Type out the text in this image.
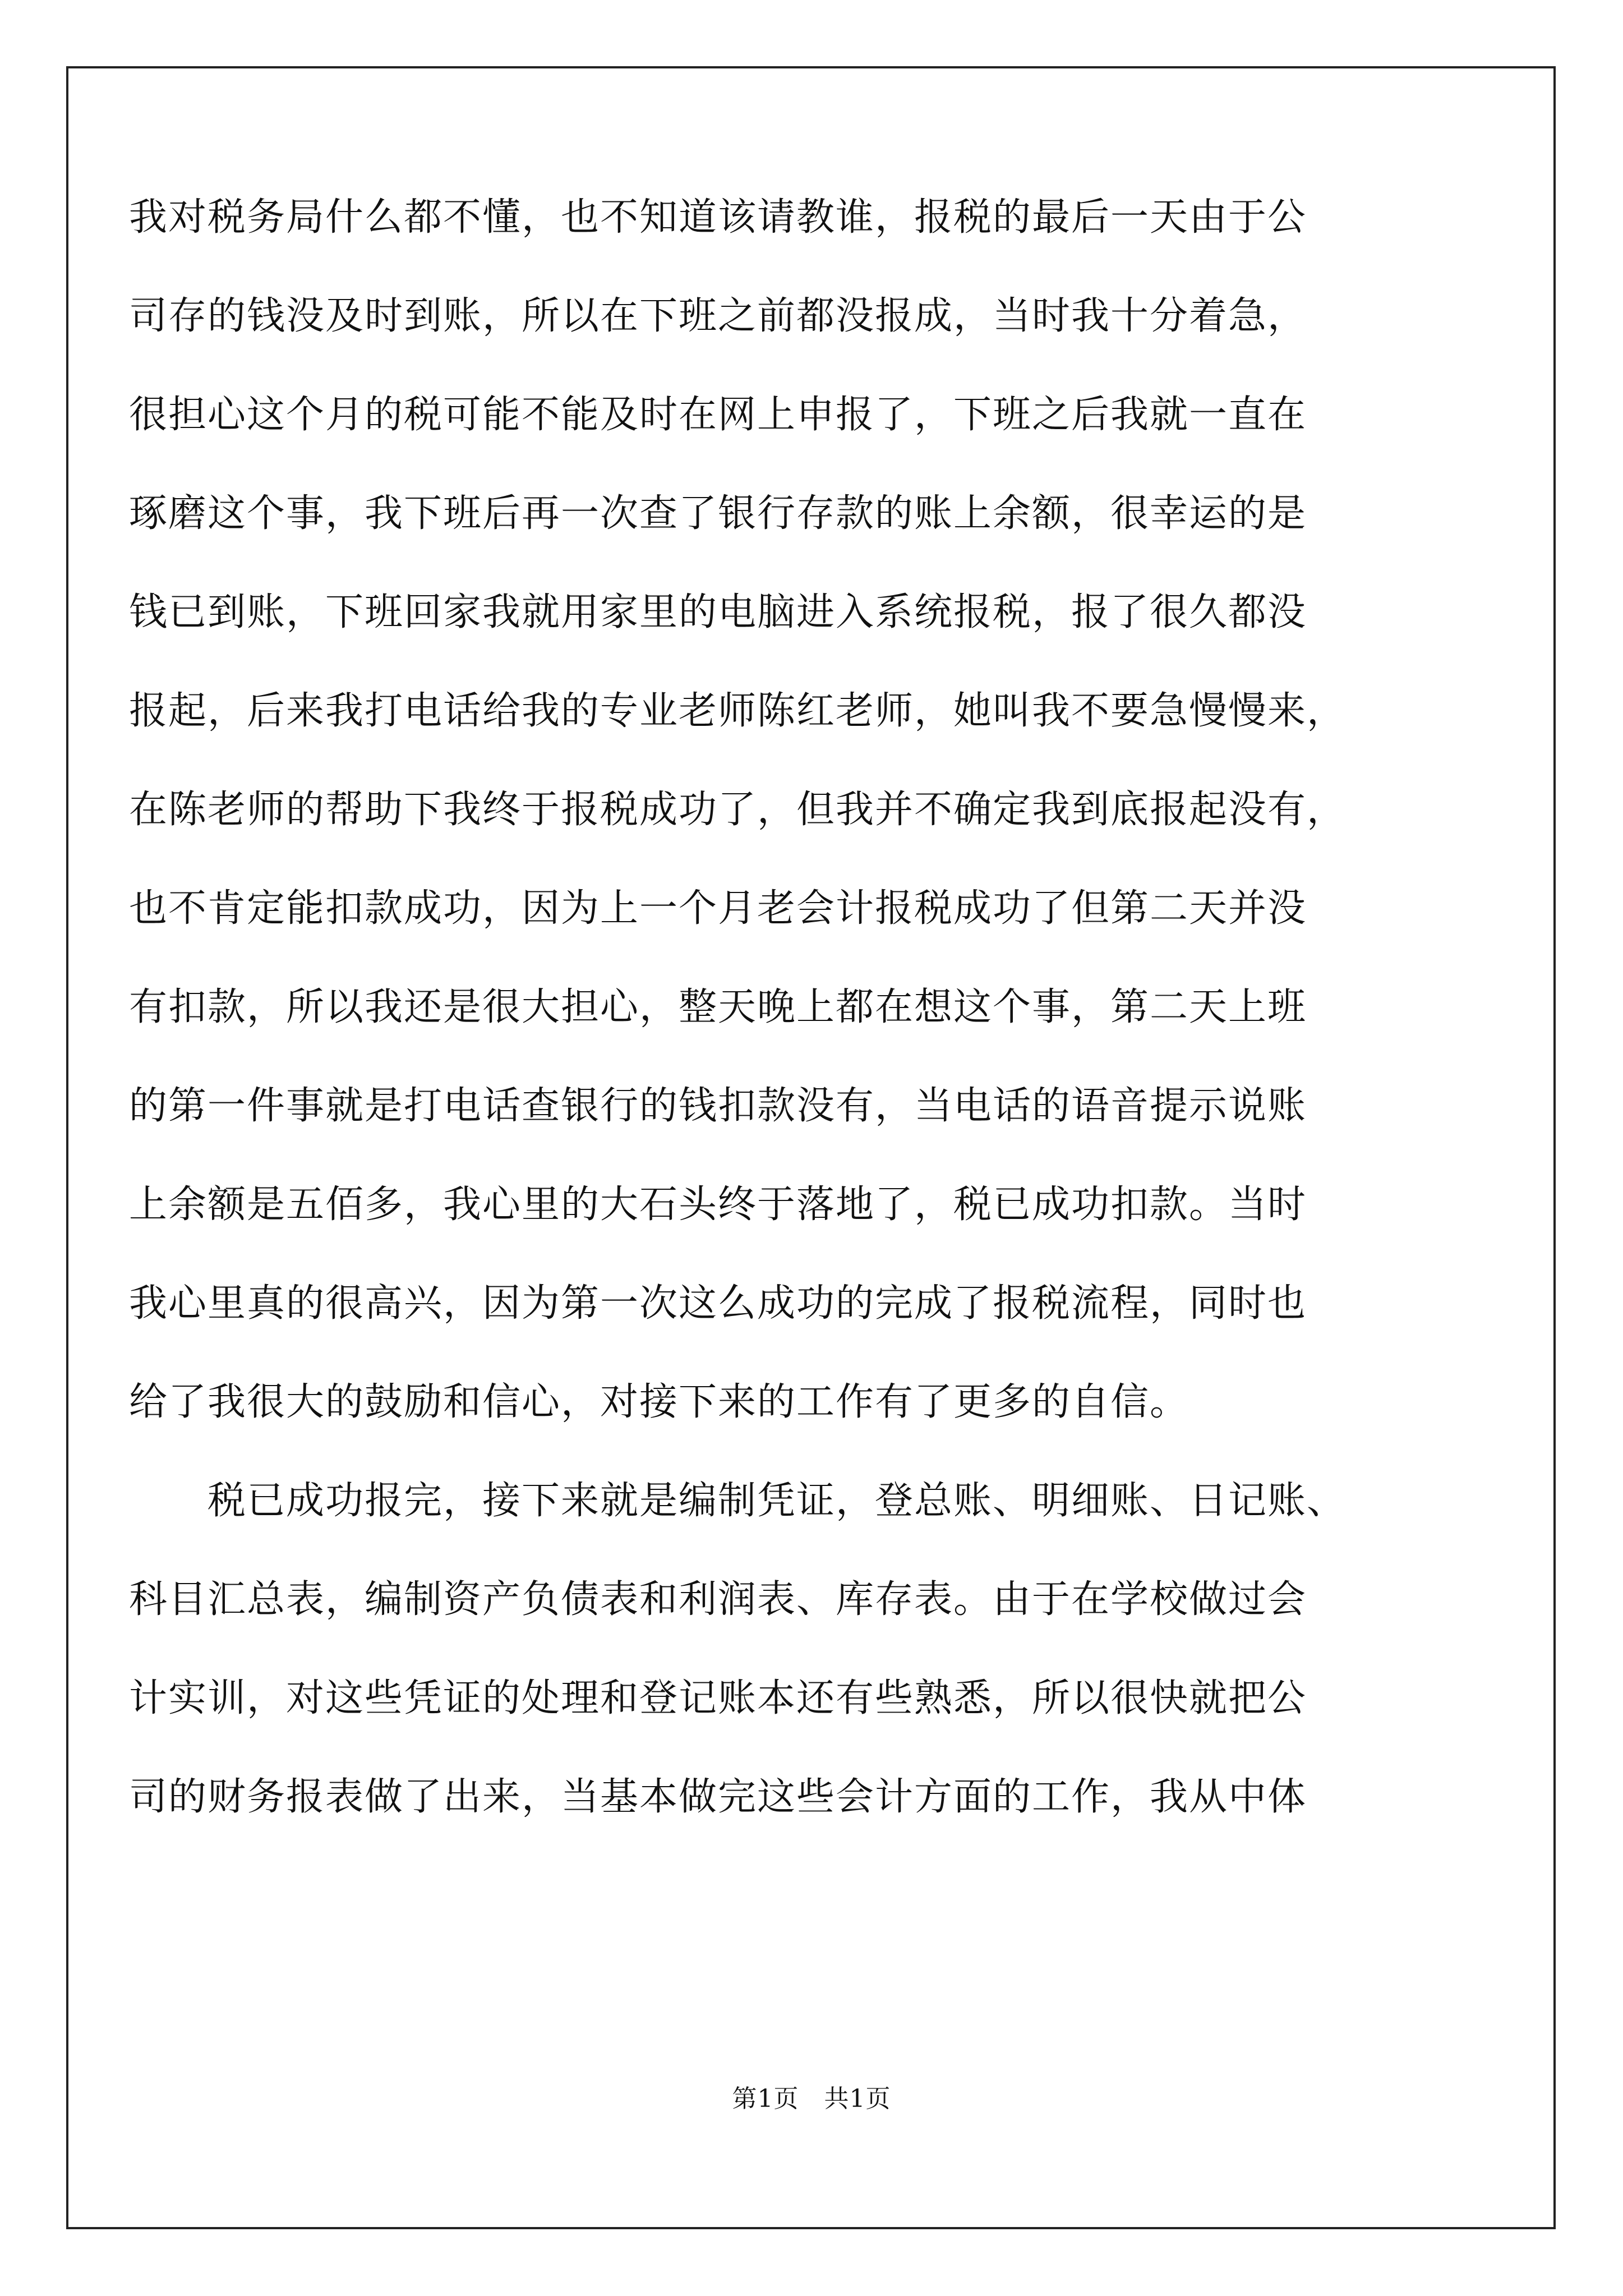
我对税务局什么都不懂，也不知道该请教谁，报税的最后一天由于公
司存的钱没及时到账，所以在下班之前都没报成，当时我十分着急，
很担心这个月的税可能不能及时在网上申报了，下班之后我就一直在
琢磨这个事，我下班后再一次查了银行存款的账上余额，很幸运的是
钱已到账，下班回家我就用家里的电脑进入系统报税，报了很久都没
报起，后来我打电话给我的专业老师陈红老师，她叫我不要急慢慢来，
在陈老师的帮助下我终于报税成功了，但我并不确定我到底报起没有，
也不肯定能扣款成功，因为上一个月老会计报税成功了但第二天并没
有扣款，所以我还是很大担心，整天晚上都在想这个事，第二天上班
的第一件事就是打电话查银行的钱扣款没有，当电话的语音提示说账
上余额是五佰多，我心里的大石头终于落地了，税已成功扣款。当时
我心里真的很高兴，因为第一次这么成功的完成了报税流程，同时也
给了我很大的鼓励和信心，对接下来的工作有了更多的自信。
　　税已成功报完，接下来就是编制凭证，登总账、明细账、日记账、
科目汇总表，编制资产负债表和利润表、库存表。由于在学校做过会
计实训，对这些凭证的处理和登记账本还有些熟悉，所以很快就把公
司的财务报表做了出来，当基本做完这些会计方面的工作，我从中体
第1页　共1页
